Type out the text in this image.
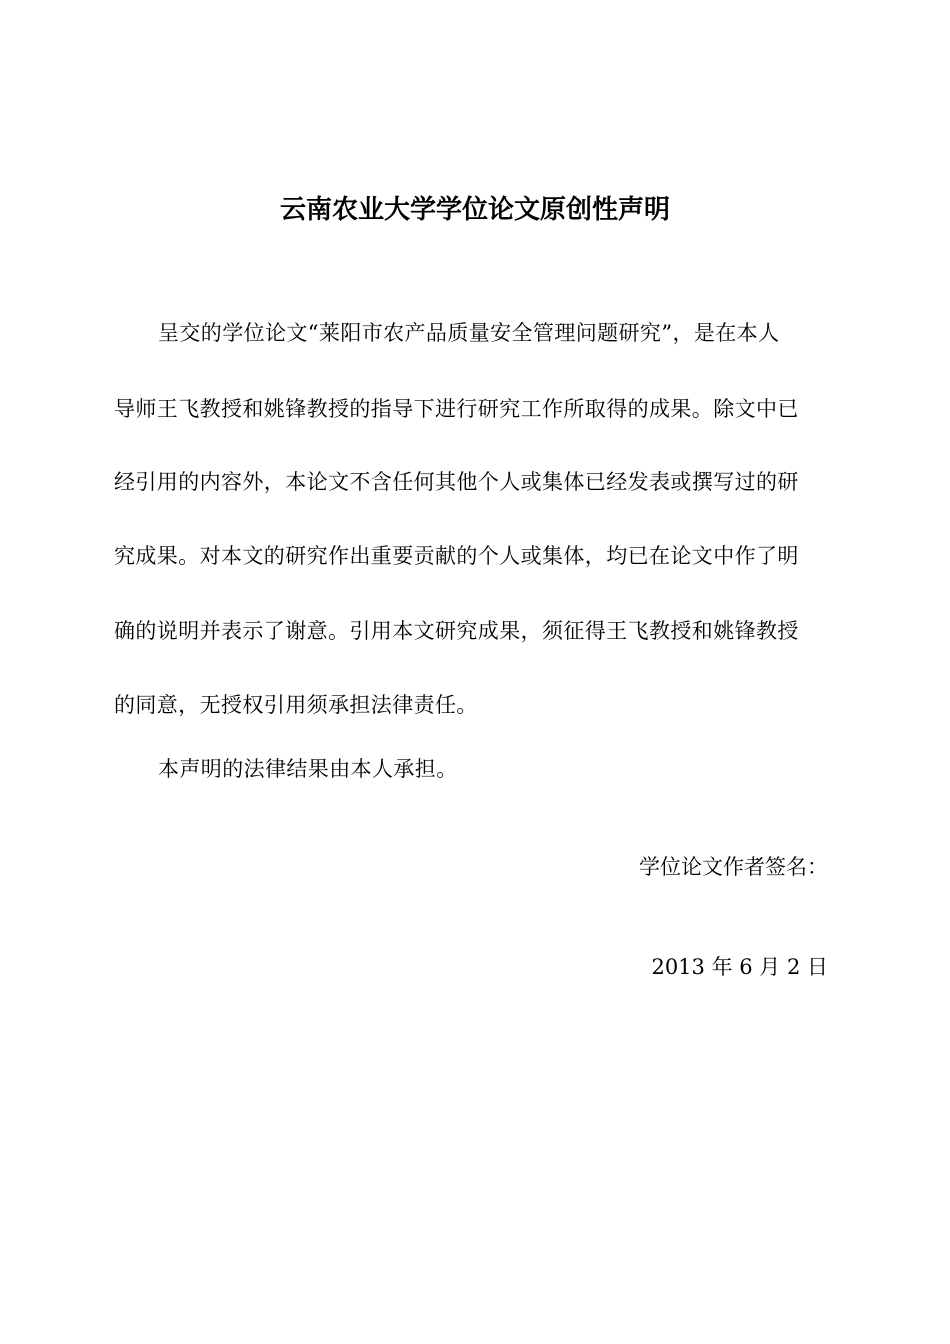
云南农业大学学位论文原创性声明
呈交的学位论文“莱阳市农产品质量安全管理问题研究”，是在本人
导师王飞教授和姚锋教授的指导下进行研究工作所取得的成果。除文中已
经引用的内容外，本论文不含任何其他个人或集体已经发表或撰写过的研
究成果。对本文的研究作出重要贡献的个人或集体，均已在论文中作了明
确的说明并表示了谢意。引用本文研究成果，须征得王飞教授和姚锋教授
的同意，无授权引用须承担法律责任。
本声明的法律结果由本人承担。
学位论文作者签名：
2013 年 6 月 2 日
